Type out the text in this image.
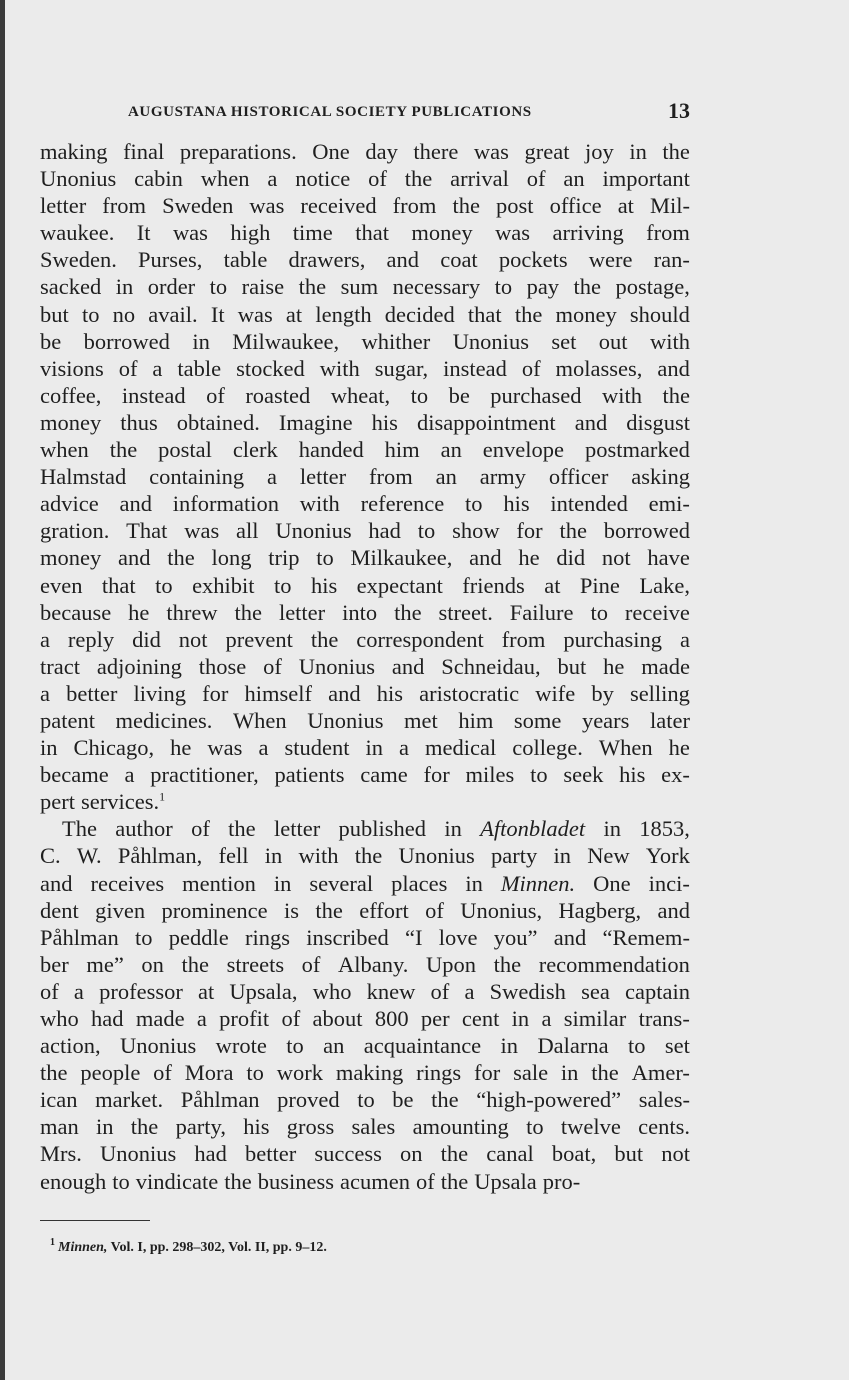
AUGUSTANA HISTORICAL SOCIETY PUBLICATIONS	13
making final preparations. One day there was great joy in the
Unonius cabin when a notice of the arrival of an important
letter from Sweden was received from the post office at Mil-
waukee. It was high time that money was arriving from
Sweden. Purses, table drawers, and coat pockets were ran-
sacked in order to raise the sum necessary to pay the postage,
but to no avail. It was at length decided that the money should
be borrowed in Milwaukee, whither Unonius set out with
visions of a table stocked with sugar, instead of molasses, and
coffee, instead of roasted wheat, to be purchased with the
money thus obtained. Imagine his disappointment and disgust
when the postal clerk handed him an envelope postmarked
Halmstad containing a letter from an army officer asking
advice and information with reference to his intended emi-
gration. That was all Unonius had to show for the borrowed
money and the long trip to Milkaukee, and he did not have
even that to exhibit to his expectant friends at Pine Lake,
because he threw the letter into the street. Failure to receive
a reply did not prevent the correspondent from purchasing a
tract adjoining those of Unonius and Schneidau, but he made
a better living for himself and his aristocratic wife by selling
patent medicines. When Unonius met him some years later
in Chicago, he was a student in a medical college. When he
became a practitioner, patients came for miles to seek his ex-
pert services.$^1$
The author of the letter published in Aftonbladet in 1853,
C. W. Påhlman, fell in with the Unonius party in New York
and receives mention in several places in Minnen. One inci-
dent given prominence is the effort of Unonius, Hagberg, and
Påhlman to peddle rings inscribed “I love you” and “Remem-
ber me” on the streets of Albany. Upon the recommendation
of a professor at Upsala, who knew of a Swedish sea captain
who had made a profit of about 800 per cent in a similar trans-
action, Unonius wrote to an acquaintance in Dalarna to set
the people of Mora to work making rings for sale in the Amer-
ican market. Påhlman proved to be the “high-powered” sales-
man in the party, his gross sales amounting to twelve cents.
Mrs. Unonius had better success on the canal boat, but not
enough to vindicate the business acumen of the Upsala pro-
$^1$ Minnen, Vol. I, pp. 298–302, Vol. II, pp. 9–12.
